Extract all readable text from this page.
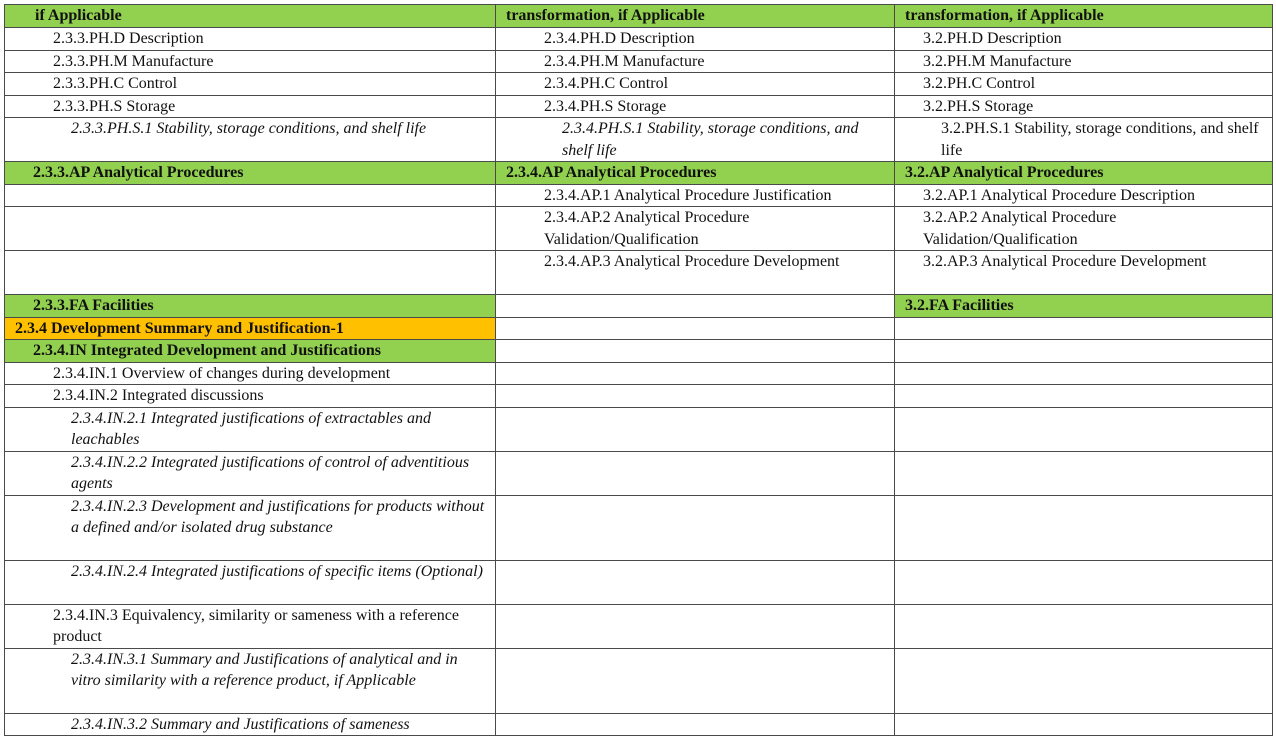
if Applicable	transformation, if Applicable	transformation, if Applicable
2.3.3.PH.D Description	2.3.4.PH.D Description	3.2.PH.D Description
2.3.3.PH.M Manufacture	2.3.4.PH.M Manufacture	3.2.PH.M Manufacture
2.3.3.PH.C Control	2.3.4.PH.C Control	3.2.PH.C Control
2.3.3.PH.S Storage	2.3.4.PH.S Storage	3.2.PH.S Storage
2.3.3.PH.S.1 Stability, storage conditions, and shelf life	2.3.4.PH.S.1 Stability, storage conditions, and shelf life	3.2.PH.S.1 Stability, storage conditions, and shelf life
2.3.3.AP Analytical Procedures	2.3.4.AP Analytical Procedures	3.2.AP Analytical Procedures
	2.3.4.AP.1 Analytical Procedure Justification	3.2.AP.1 Analytical Procedure Description
	2.3.4.AP.2 Analytical Procedure Validation/Qualification	3.2.AP.2 Analytical Procedure Validation/Qualification
	2.3.4.AP.3 Analytical Procedure Development	3.2.AP.3 Analytical Procedure Development
2.3.3.FA Facilities		3.2.FA Facilities
2.3.4 Development Summary and Justification-1		
2.3.4.IN Integrated Development and Justifications		
2.3.4.IN.1 Overview of changes during development		
2.3.4.IN.2 Integrated discussions		
2.3.4.IN.2.1 Integrated justifications of extractables and leachables		
2.3.4.IN.2.2 Integrated justifications of control of adventitious agents		
2.3.4.IN.2.3 Development and justifications for products without a defined and/or isolated drug substance		
2.3.4.IN.2.4 Integrated justifications of specific items (Optional)		
2.3.4.IN.3 Equivalency, similarity or sameness with a reference product		
2.3.4.IN.3.1 Summary and Justifications of analytical and in vitro similarity with a reference product, if Applicable		
2.3.4.IN.3.2 Summary and Justifications of sameness		
